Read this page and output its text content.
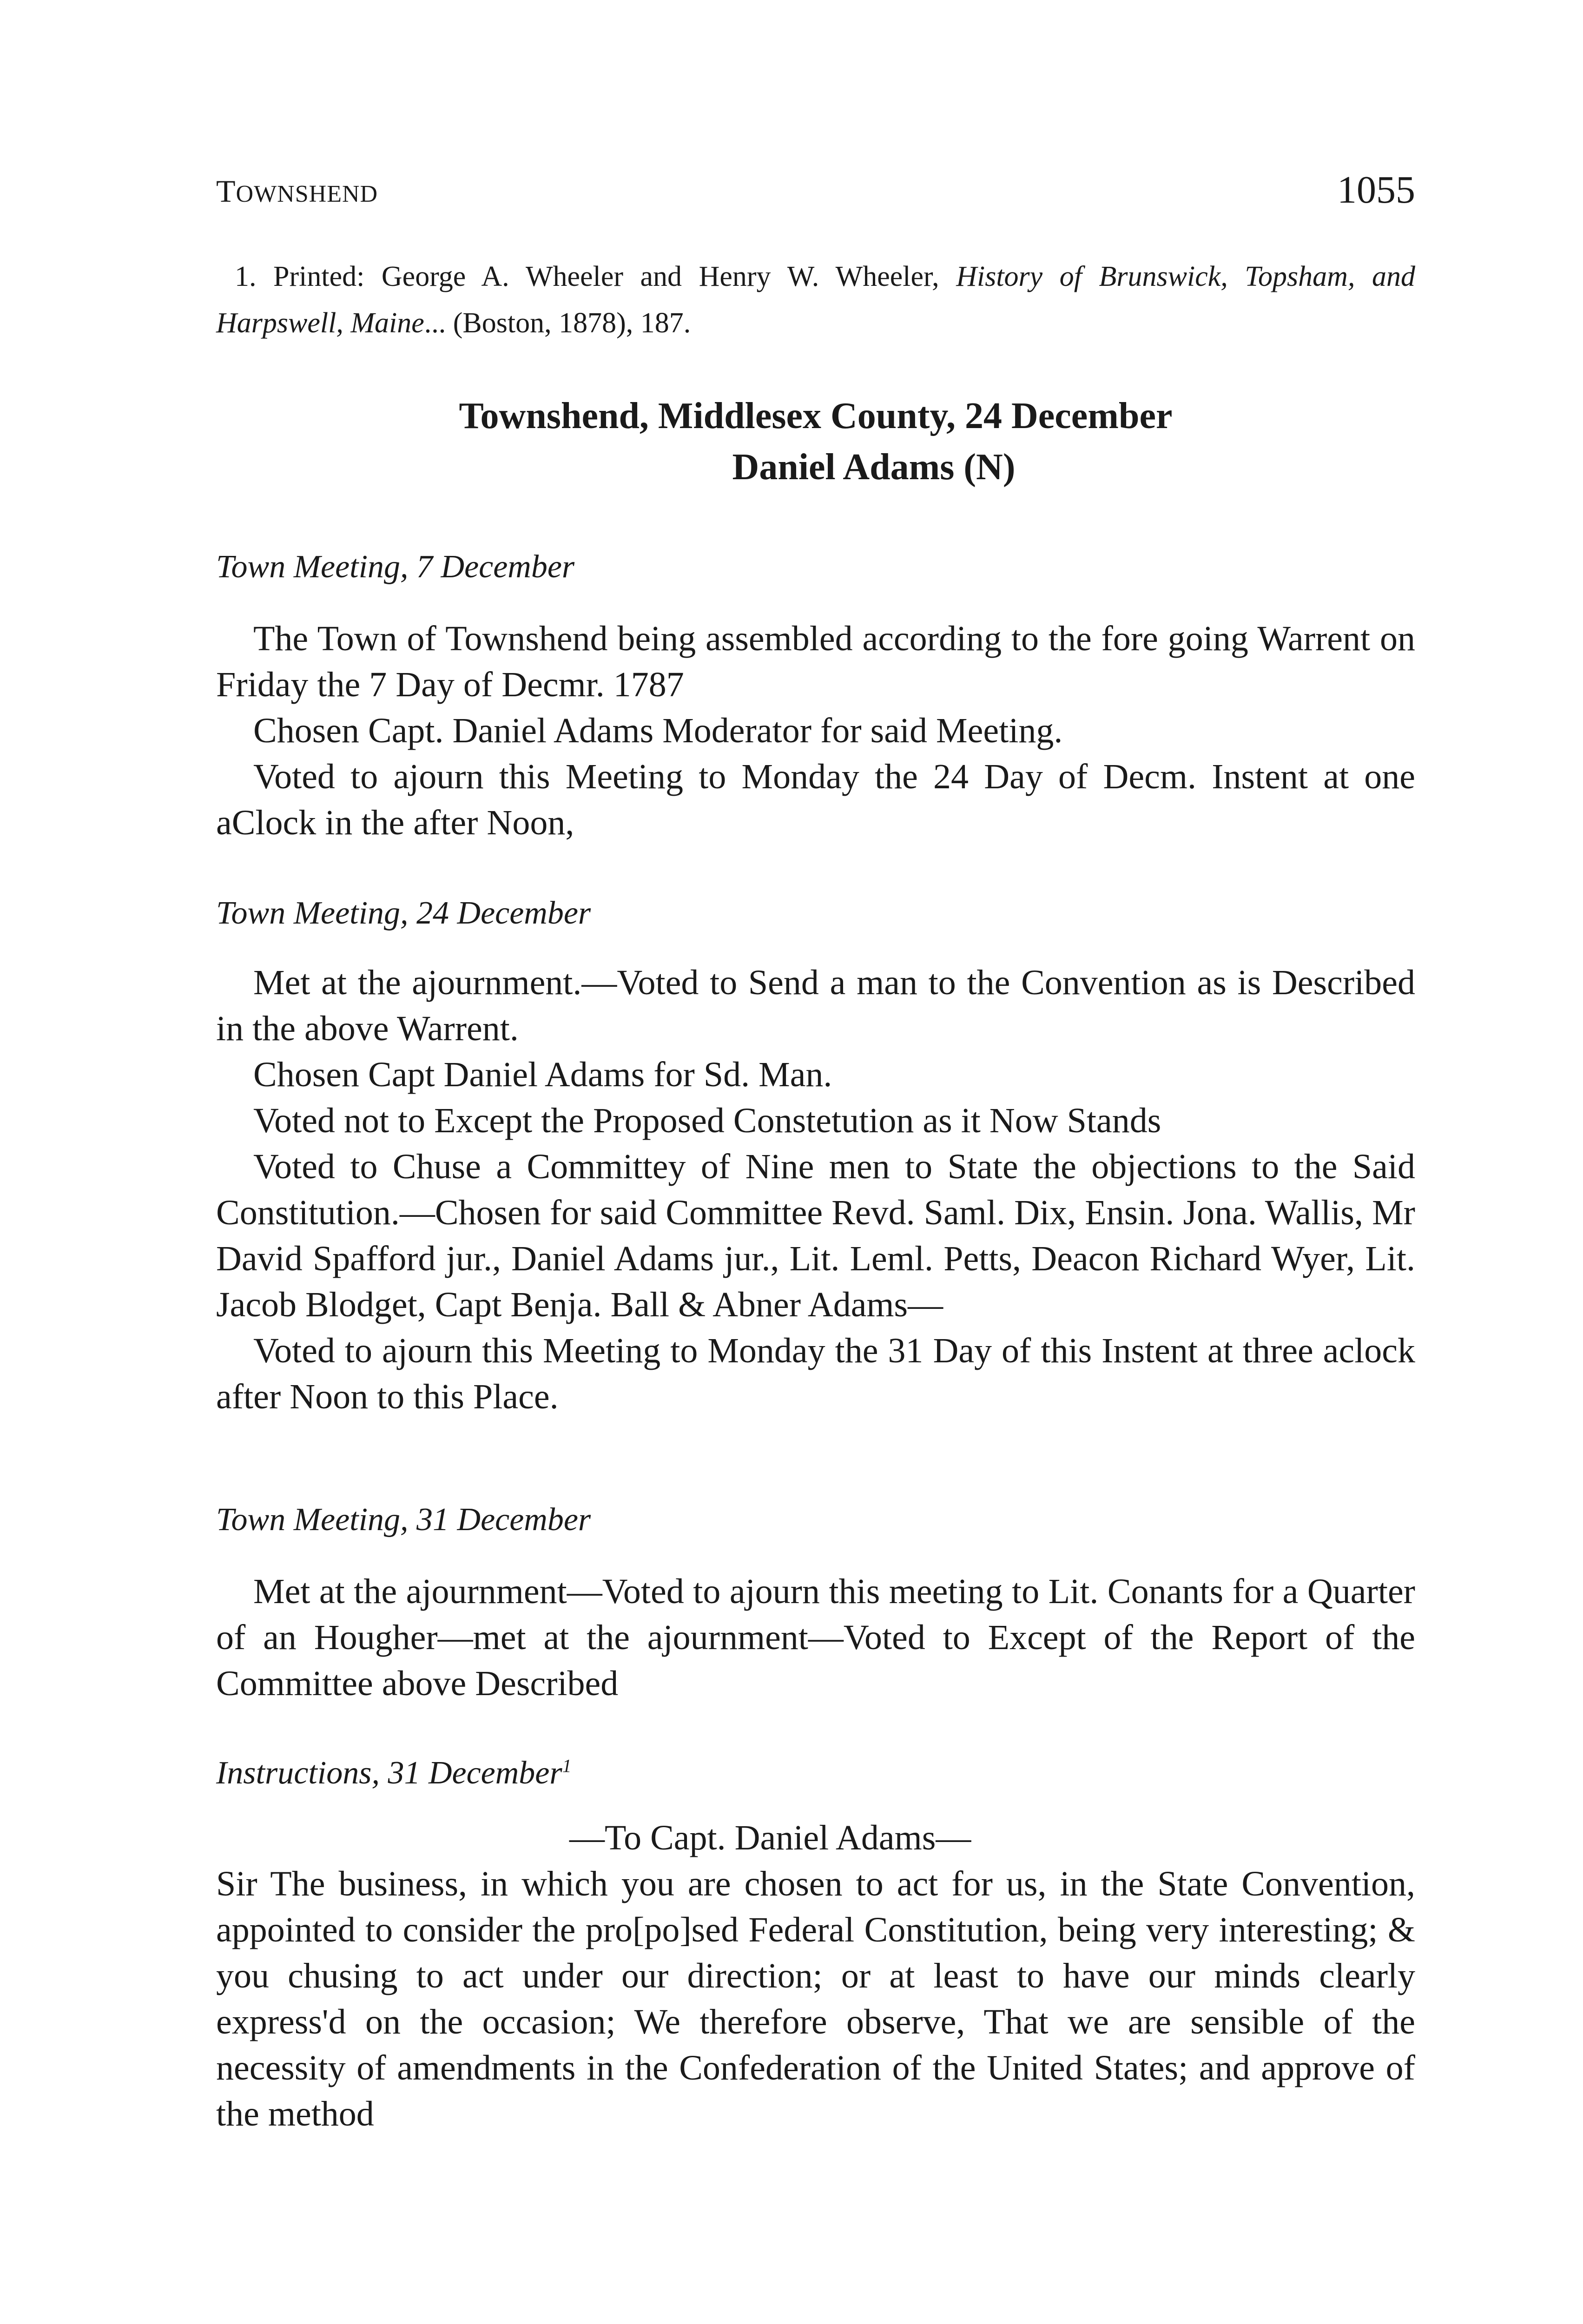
TOWNSHEND	1055
1. Printed: George A. Wheeler and Henry W. Wheeler, History of Brunswick, Topsham, and Harpswell, Maine... (Boston, 1878), 187.
Townshend, Middlesex County, 24 December
Daniel Adams (N)
Town Meeting, 7 December

The Town of Townshend being assembled according to the fore going Warrent on Friday the 7 Day of Decmr. 1787

Chosen Capt. Daniel Adams Moderator for said Meeting.

Voted to ajourn this Meeting to Monday the 24 Day of Decm. Instent at one aClock in the after Noon,

Town Meeting, 24 December

Met at the ajournment.—Voted to Send a man to the Convention as is Described in the above Warrent.

Chosen Capt Daniel Adams for Sd. Man.

Voted not to Except the Proposed Constetution as it Now Stands

Voted to Chuse a Committey of Nine men to State the objections to the Said Constitution.—Chosen for said Committee Revd. Saml. Dix, Ensin. Jona. Wallis, Mr David Spafford jur., Daniel Adams jur., Lit. Leml. Petts, Deacon Richard Wyer, Lit. Jacob Blodget, Capt Benja. Ball & Abner Adams—

Voted to ajourn this Meeting to Monday the 31 Day of this Instent at three aclock after Noon to this Place.

Town Meeting, 31 December

Met at the ajournment—Voted to ajourn this meeting to Lit. Conants for a Quarter of an Hougher—met at the ajournment—Voted to Except of the Report of the Committee above Described

Instructions, 31 December$^1$

—To Capt. Daniel Adams—

Sir The business, in which you are chosen to act for us, in the State Convention, appointed to consider the pro[po]sed Federal Constitution, being very interesting; & you chusing to act under our direction; or at least to have our minds clearly express'd on the occasion; We therefore observe, That we are sensible of the necessity of amendments in the Confederation of the United States; and approve of the method
